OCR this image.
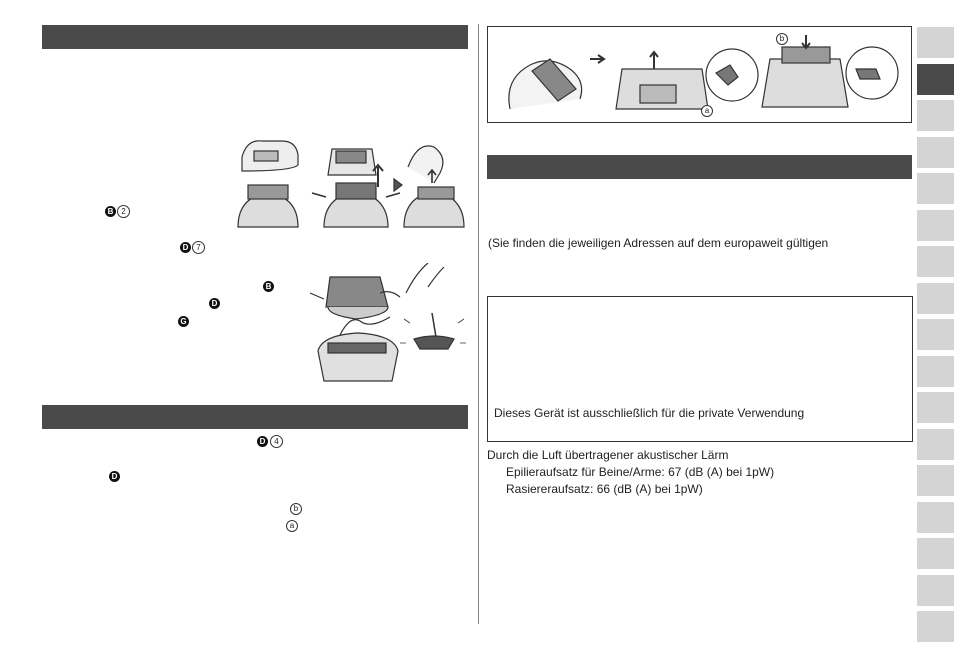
B 2
D 7
B
D
G
D	4
D
b
a
b
a
(Sie finden die jeweiligen Adressen auf dem europaweit gültigen
Dieses Gerät ist ausschließlich für die private Verwendung
Durch die Luft übertragener akustischer Lärm
Epilieraufsatz für Beine/Arme: 67 (dB (A) bei 1pW)
Rasiereraufsatz: 66 (dB (A) bei 1pW)
